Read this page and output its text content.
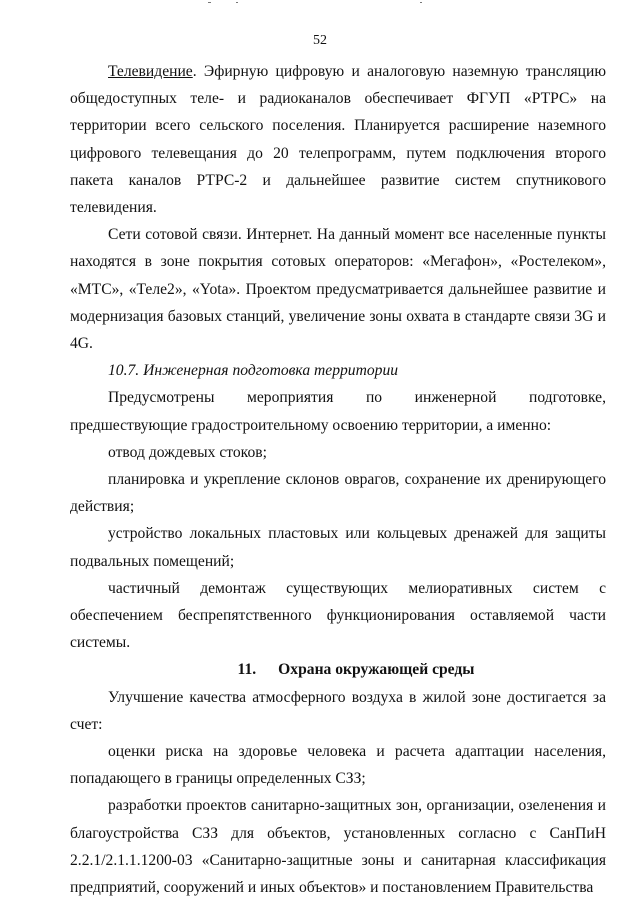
52

Телевидение. Эфирную цифровую и аналоговую наземную трансляцию общедоступных теле- и радиоканалов обеспечивает ФГУП «РТРС» на территории всего сельского поселения. Планируется расширение наземного цифрового телевещания до 20 телепрограмм, путем подключения второго пакета каналов РТРС-2 и дальнейшее развитие систем спутникового телевидения.

Сети сотовой связи. Интернет. На данный момент все населенные пункты находятся в зоне покрытия сотовых операторов: «Мегафон», «Ростелеком», «МТС», «Теле2», «Yota». Проектом предусматривается дальнейшее развитие и модернизация базовых станций, увеличение зоны охвата в стандарте связи 3G и 4G.

10.7. Инженерная подготовка территории

Предусмотрены мероприятия по инженерной подготовке, предшествующие градостроительному освоению территории, а именно:

отвод дождевых стоков;

планировка и укрепление склонов оврагов, сохранение их дренирующего действия;

устройство локальных пластовых или кольцевых дренажей для защиты подвальных помещений;

частичный демонтаж существующих мелиоративных систем с
обеспечением беспрепятственного функционирования оставляемой части
системы.

11. Охрана окружающей среды

Улучшение качества атмосферного воздуха в жилой зоне достигается за счет:

оценки риска на здоровье человека и расчета адаптации населения, попадающего в границы определенных СЗЗ;

разработки проектов санитарно-защитных зон, организации, озеленения и благоустройства СЗЗ для объектов, установленных согласно с СанПиН 2.2.1/2.1.1.1200-03 «Санитарно-защитные зоны и санитарная классификация предприятий, сооружений и иных объектов» и постановлением Правительства
